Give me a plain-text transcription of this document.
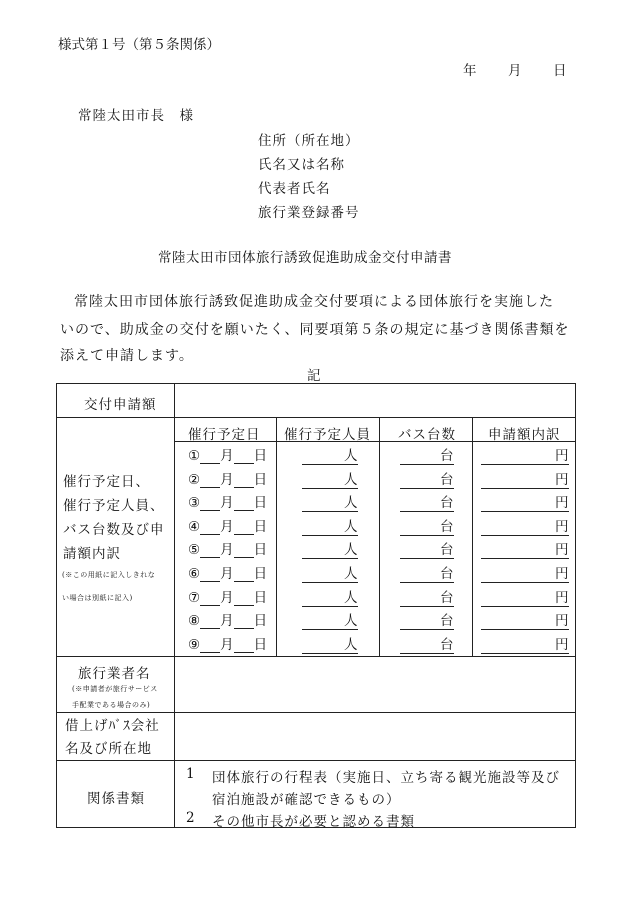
様式第１号（第５条関係）
年 月 日
常陸太田市長　様
住所（所在地）
氏名又は名称
代表者氏名
旅行業登録番号
常陸太田市団体旅行誘致促進助成金交付申請書
常陸太田市団体旅行誘致促進助成金交付要項による団体旅行を実施した
いので、助成金の交付を願いたく、同要項第５条の規定に基づき関係書類を
添えて申請します。
記
交付申請額
催行予定日、
催行予定人員、
バス台数及び申
請額内訳
(※この用紙に記入しきれな
い場合は別紙に記入)
催行予定日 催行予定人員 バス台数 申請額内訳
① 月 日	人	台	円
② 月 日	人	台	円
③ 月 日	人	台	円
④ 月 日	人	台	円
⑤ 月 日	人	台	円
⑥ 月 日	人	台	円
⑦ 月 日	人	台	円
⑧ 月 日	人	台	円
⑨ 月 日	人	台	円
旅行業者名
(※申請者が旅行サービス
手配業である場合のみ)
借上げﾊﾞｽ会社
名及び所在地
関係書類
1 団体旅行の行程表（実施日、立ち寄る観光施設等及び
宿泊施設が確認できるもの）
2 その他市長が必要と認める書類
